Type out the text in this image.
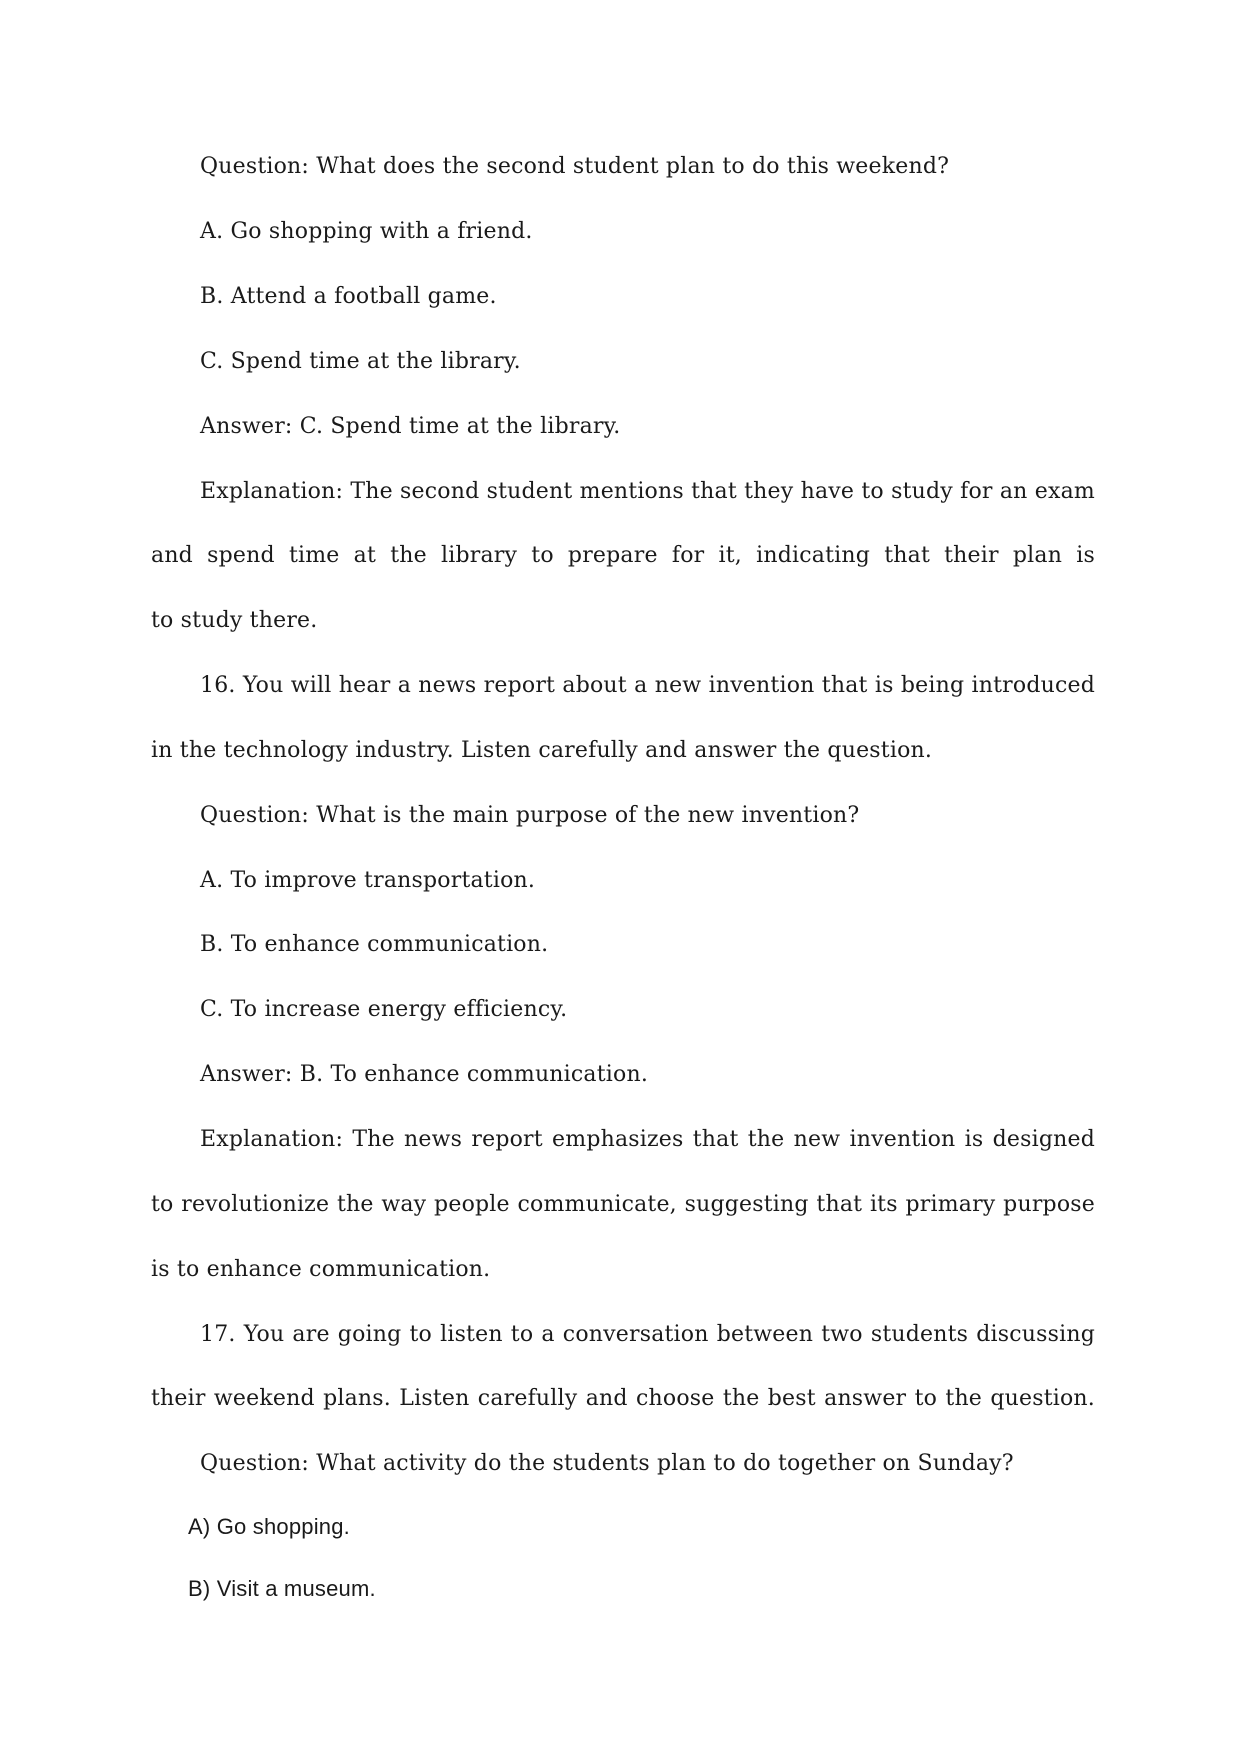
Question: What does the second student plan to do this weekend?
A. Go shopping with a friend.
B. Attend a football game.
C. Spend time at the library.
Answer: C. Spend time at the library.
Explanation: The second student mentions that they have to study for an exam
and spend time at the library to prepare for it, indicating that their plan is
to study there.
16. You will hear a news report about a new invention that is being introduced
in the technology industry. Listen carefully and answer the question.
Question: What is the main purpose of the new invention?
A. To improve transportation.
B. To enhance communication.
C. To increase energy efficiency.
Answer: B. To enhance communication.
Explanation: The news report emphasizes that the new invention is designed
to revolutionize the way people communicate, suggesting that its primary purpose
is to enhance communication.
17. You are going to listen to a conversation between two students discussing
their weekend plans. Listen carefully and choose the best answer to the question.
Question: What activity do the students plan to do together on Sunday?
A) Go shopping.
B) Visit a museum.
